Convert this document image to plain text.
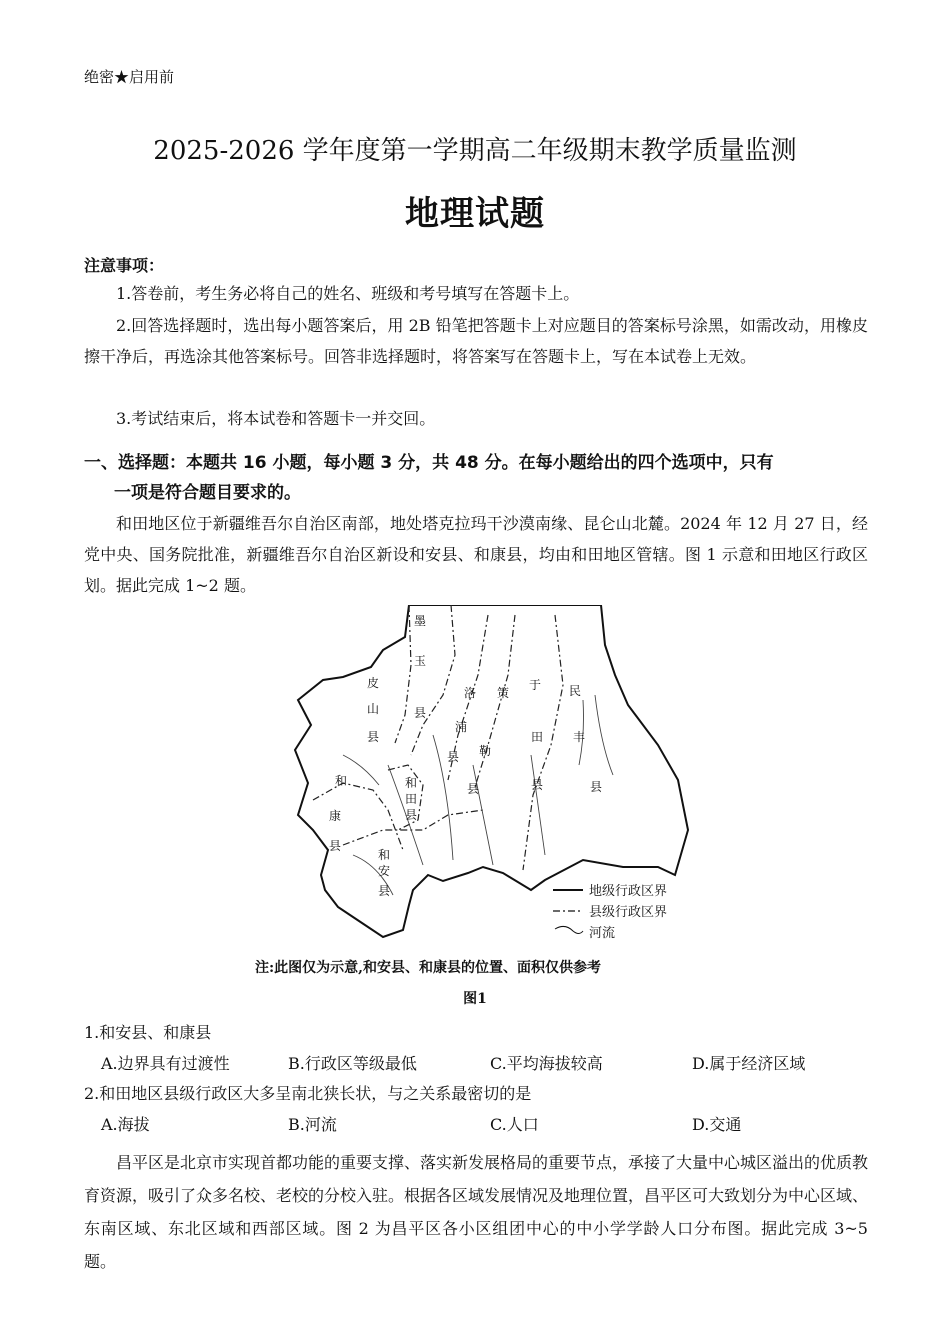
绝密★启用前
2025-2026 学年度第一学期高二年级期末教学质量监测
地理试题
注意事项：
1.答卷前，考生务必将自己的姓名、班级和考号填写在答题卡上。
2.回答选择题时，选出每小题答案后，用 2B 铅笔把答题卡上对应题目的答案标号涂黑，如需改动，用橡皮擦干净后，再选涂其他答案标号。回答非选择题时，将答案写在答题卡上，写在本试卷上无效。
3.考试结束后，将本试卷和答题卡一并交回。
一、选择题：本题共 16 小题，每小题 3 分，共 48 分。在每小题给出的四个选项中，只有
一项是符合题目要求的。
和田地区位于新疆维吾尔自治区南部，地处塔克拉玛干沙漠南缘、昆仑山北麓。2024 年 12 月 27 日，经党中央、国务院批准，新疆维吾尔自治区新设和安县、和康县，均由和田地区管辖。图 1 示意和田地区行政区划。据此完成 1~2 题。
墨
玉
县
皮
山
县
洛
浦
县
策
勒
县
于
田
县
民
丰
县
和
康
县
和
田
县
和
安
县	地级行政区界
县级行政区界
河流
注:此图仅为示意,和安县、和康县的位置、面积仅供参考
图1
1.和安县、和康县
A.边界具有过渡性	B.行政区等级最低	C.平均海拔较高	D.属于经济区域
2.和田地区县级行政区大多呈南北狭长状，与之关系最密切的是
A.海拔	B.河流	C.人口	D.交通
昌平区是北京市实现首都功能的重要支撑、落实新发展格局的重要节点，承接了大量中心城区溢出的优质教育资源，吸引了众多名校、老校的分校入驻。根据各区域发展情况及地理位置，昌平区可大致划分为中心区域、东南区域、东北区域和西部区域。图 2 为昌平区各小区组团中心的中小学学龄人口分布图。据此完成 3~5 题。
